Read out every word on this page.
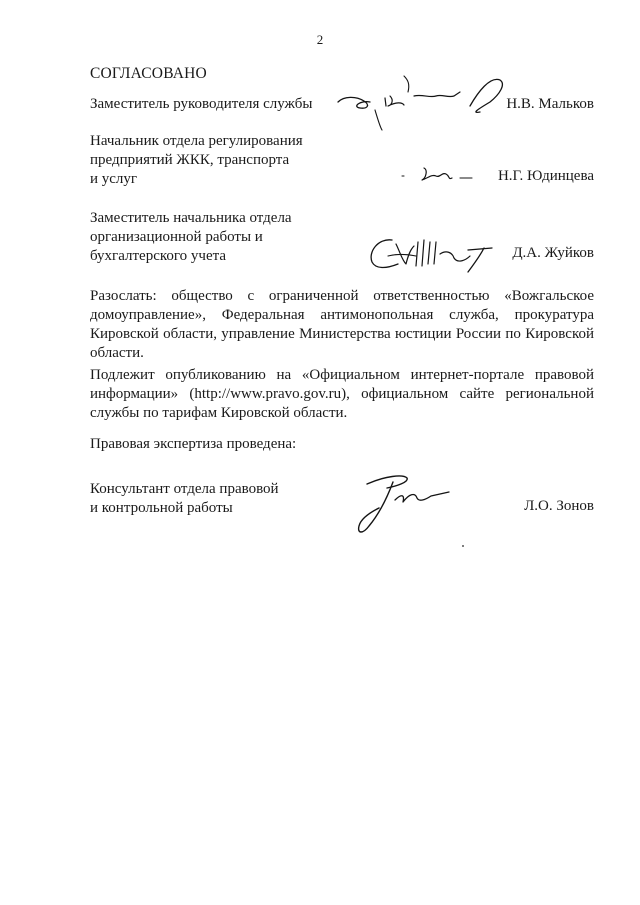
2
СОГЛАСОВАНО
Заместитель руководителя службы	Н.В. Мальков
Начальник отдела регулирования
предприятий ЖКК, транспорта
и услуг	Н.Г. Юдинцева
Заместитель начальника отдела
организационной работы и
бухгалтерского учета	Д.А. Жуйков
Разослать: общество с ограниченной ответственностью «Вожгальское домоуправление», Федеральная антимонопольная служба, прокуратура Кировской области, управление Министерства юстиции России по Кировской области.
Подлежит опубликованию на «Официальном интернет-портале правовой информации» (http://www.pravo.gov.ru), официальном сайте региональной службы по тарифам Кировской области.
Правовая экспертиза проведена:
Консультант отдела правовой
и контрольной работы	Л.О. Зонов
